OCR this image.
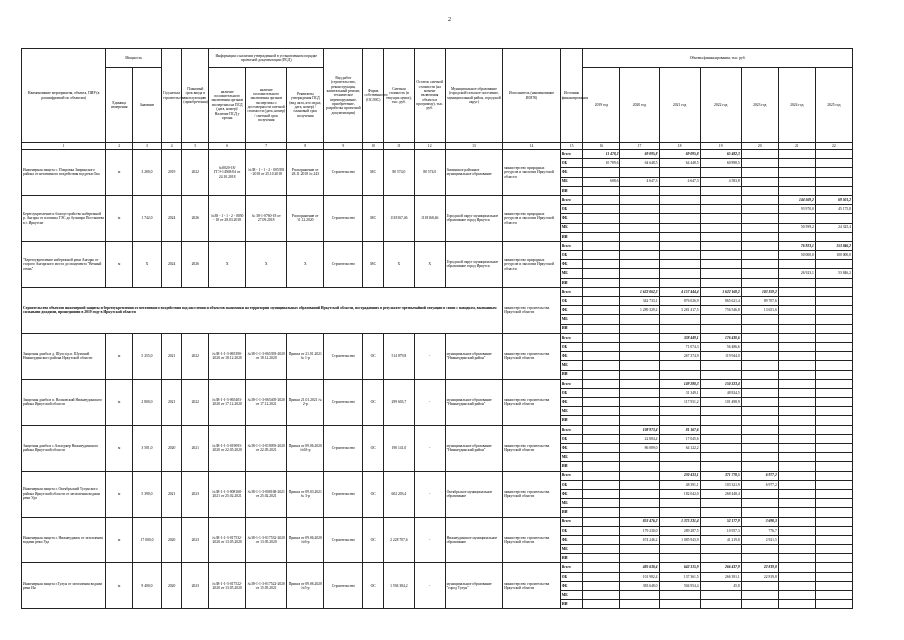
2
Наименование мероприятия, объекта, ПИР (в расшифровкой по объектам)	Мощность		Год начала строительства	Плановый срок ввода в эксплуатацию (приобретения)	Информация о наличии утвержденной в установленном порядке проектной документации (ПСД)			Вид работ (строительство, реконструкция, капитальный ремонт, техническое перевооружение, приобретение, разработка проектной документации)	Форма собственности (ОС/МС)	Сметная стоимость (в текущих ценах), тыс. руб.	Остаток сметной стоимости (на момент включения объекта в программу), тыс. руб.	Муниципальное образование (городской/сельское поселение, муниципальный район, городской округ)	Исполнитель (наименование ИОГВ)	Источник финансирования	Объемы финансирования, тыс. руб.						
	Единица измерения	Значение			наличие положительного заключения органов экспертизы на ПСД (дата, номер)/Наличие ПСД у органа	наличие положительного заключения органов экспертизы о достоверности сметной стоимости (дата, номер) / сметный срок получения	Реквизиты утверждения ПСД (вид акта, кто издал, дата, номер) / плановый срок получения								2019 год	2020 год	2021 год	2022 год	2023 год	2024 год	2025 год

1	2	3	4	5	6	7	8	9	10	11	12	13	14	15	16	17	18	19	20	21	22
Инженерная защита с. Покровка Заиринского района от негативного воздействия вод реки Ока	м	3 280,0	2019	2022	№0020-18/ГГЭ-14568/04 от 24.10.2018	№38 - 1 - 1 - 2 - 005393 - 2018 от 25.10.2018	Распоряжение от 28.11.2018 № 243	Строительство	МС	80 574,0	80 574,0	Зиминское районное муниципальное образование	министерство природных ресурсов и экологии Иркутской области	Всего	11 478,2	69 095,8	69 095,8	65 482,3			
														ОБ	10 789,6	64 648,5	64 448,5	60 898,5			
														ФБ							
														МБ	688,6	4 647,3	4 647,3	4 583,8			
														ИИ							
Берегоукрепление и благоустройство набережной р. Ангары от плотины ГЭС до бульвара Постышева в г. Иркутске	м	1 742,0	2024	2026	№38 - 1 - 1 - 2 - 0050 - 18 от 28.03.2018	№ 38-1-0760-18 от 27.09.2018	Распоряжение от 11.12.2020	Строительство	МС	1118167,46	1118168,46	Городской округ муниципальное образование город Иркутск	министерство природных ресурсов и экологии Иркутской области	Всего						144 569,2	69 501,2
														ОБ						93 970,0	45 175,8
														ФБ							
														МБ						50 599,2	24 325,4
														ИИ							
"Берегоукрепление набережной реки Ангары от старого Ангарского моста до монумента "Вечный огонь"	м	Х	2024	2026	Х	Х	Х	Строительство	МС	Х	Х	Городской округ муниципальное образование город Иркутск	министерство природных ресурсов и экологии Иркутской области	Всего						76 923,1	153 846,2
														ОБ						50 000,0	100 000,0
														ФБ							
														МБ						26 923,1	53 846,2
														ИИ							
Строительство объектов инженерной защиты и берегоукрепления от негативного воздействия вод населения и объектов экономики на территории муниципальных образований Иркутской области, пострадавших в результате чрезвычайной ситуации в связи с паводком, вызванным сильными дождями, прошедшими в 2019 году в Иркутской области													министерство строительства Иркутской области	Всего		1 632 062,3	4 157 444,4	1 622 168,2	103 359,2		
														ОБ		342 733,1	876 026,9	865 621,4	89 707,6		
														ФБ		1 289 329,2	3 281 417,5	756 546,8	13 651,6		
														МБ							
														ИИ							
Защитная дамба в д. Шум и р.п. Шумский Нижнеудинского района Иркутской области	м	5 255,0	2021	2022	№38-1-1-3-065390-2020 от 18.12.2020	№38-1-1-3-065393-2020 от 18.12.2020	Приказ от 21.01.2021 № 1-р	Строительство	ОС	514 879,8	-	муниципальное образование "Нижнеудинский район"	министерство строительства Иркутской области	Всего			338 449,1	176 430,6			
														ОБ			71 074,3	56 486,6			
														ФБ			267 374,9	119 944,0			
														МБ							
														ИИ							
Защитная дамба в п. Волковский Нижнеудинского района Иркутской области	м	2 800,0	2021	2022	№38-1-1-3-065403-2020 от 17.12.2020	№38-1-1-3-065405-2020 от 17.12.2021	Приказ 21.01.2021 № 2-р	Строительство	ОС	299 603,7	-	муниципальное образование "Нижнеудинский район"	министерство строительства Иркутской области	Всего			149 280,3	150 323,4			
														ОБ			31 349,1	48 824,5			
														ФБ			117 931,2	101 498,9			
														МБ							
														ИИ							
Защитная дамба в с.Алыгджер Нижнеудинского района Иркутской области	м	3 501,0	2020	2021	№38-1-1-3-019093-2020 от 22.05.2020	№38-1-1-3-019093-2020 от 22.05.2021	Приказ от 09.06.2020 №63-р	Строительство	ОС	190 141,0	-	муниципальное образование "Нижнеудинский район"	министерство строительства Иркутской области	Всего		108 973,4	81 167,6				
														ОБ		22 884,4	17 045,6				
														ФБ		86 089,0	64 122,2				
														МБ							
														ИИ							
Инженерная защита г. Октябрьский Тулунского района Иркутской области от затопления водами реки Уда	м	5 390,0	2021	2023	№38-1-1-3-008168-2021 от 25.02.2021	№38-1-1-3-008168-2021 от 25.02.2021	Приказ от 09.03.2021 № 3-р	Строительство	ОС	602 203,4	-	Октябрьское муниципальное образование	министерство строительства Иркутской области	Всего			230 433,1	371 778,5	6 977,2		
														ОБ			48 391,1	103 321,9	6 977,2		
														ФБ			182 042,0	268 448,4			
														МБ							
														ИИ							
Инженерная защита г. Нижнеудинск от затопления водами реки Уда	м	17 000,0	2020	2023	№38-1-1-3-017532-2020 от 13.05.2020	№38-1-1-3-017532-2020 от 13.05.2020	Приказ от 09.06.2020 №6-р	Строительство	ОС	2 228 707,6	-	Нижнеудинское муниципальное образование	министерство строительства Иркутской области	Всего		853 476,2	1 375 231,4	52 177,9	3 698,3		
														ОБ		179 230,0	289 287,5	10 957,3	776,7		
														ФБ		674 246,2	1 085 943,9	41 219,8	2 921,5		
														МБ							
														ИИ							
Инженерная защита г.Тулун от затопления водами реки Ия	м	9 400,0	2020	2023	№38-1-1-3-017522-2020 от 13.05.2020	№38-1-1-3-017522-2020 от 15.05.2021	Приказ от 09.06.2020 №5-р	Строительство	ОС	1 594 384,2	-	муниципальное образование "город Тулун"	министерство строительства Иркутской области	Всего		485 630,4	642 315,9	266 437,9	22 819,8		
														ОБ		101 982,4	137 361,5	266 391,1	22 819,8		
														ФБ		383 648,0	504 954,4	45,8			
														МБ							
														ИИ							
